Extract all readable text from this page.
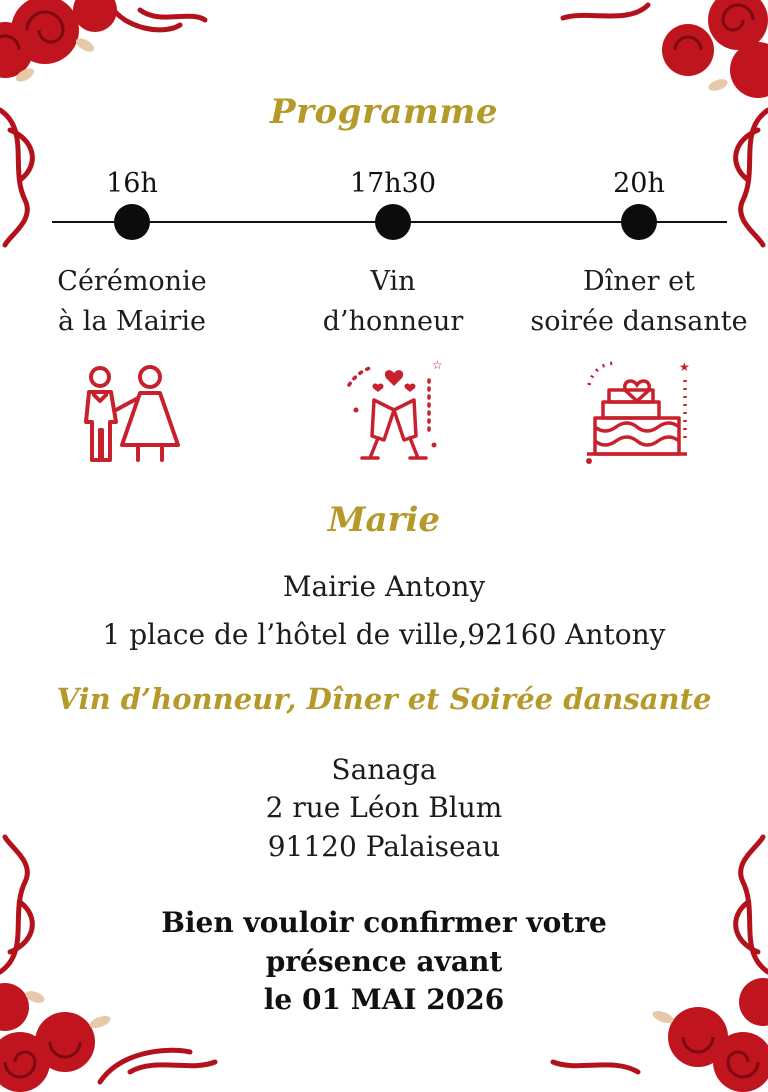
Programme
16h	17h30	20h
Cérémonie
à la Mairie
Vin
d’honneur
Dîner et
soirée dansante
☆	★
Marie
Mairie Antony
1 place de l’hôtel de ville,92160 Antony
Vin d’honneur, Dîner et Soirée dansante
Sanaga
2 rue Léon Blum
91120 Palaiseau
Bien vouloir confirmer votre
présence avant
le 01 MAI 2026
